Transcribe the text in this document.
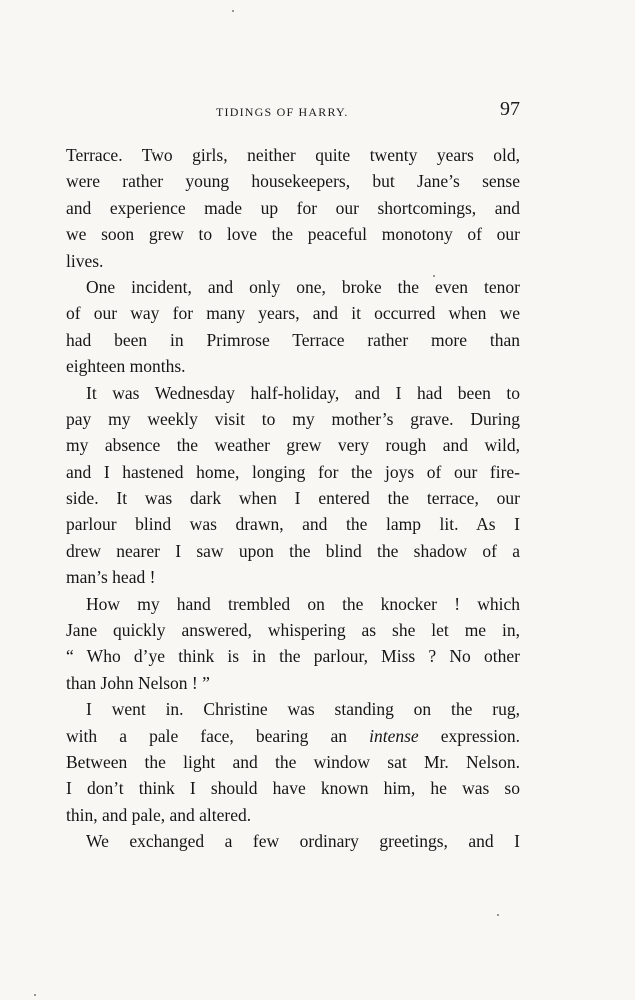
TIDINGS OF HARRY.	97
Terrace. Two girls, neither quite twenty years old,
were rather young housekeepers, but Jane’s sense
and experience made up for our shortcomings, and
we soon grew to love the peaceful monotony of our
lives.
One incident, and only one, broke the even tenor
of our way for many years, and it occurred when we
had been in Primrose Terrace rather more than
eighteen months.
It was Wednesday half-holiday, and I had been to
pay my weekly visit to my mother’s grave. During
my absence the weather grew very rough and wild,
and I hastened home, longing for the joys of our fire-
side. It was dark when I entered the terrace, our
parlour blind was drawn, and the lamp lit. As I
drew nearer I saw upon the blind the shadow of a
man’s head !
How my hand trembled on the knocker ! which
Jane quickly answered, whispering as she let me in,
“ Who d’ye think is in the parlour, Miss ? No other
than John Nelson ! ”
I went in. Christine was standing on the rug,
with a pale face, bearing an intense expression.
Between the light and the window sat Mr. Nelson.
I don’t think I should have known him, he was so
thin, and pale, and altered.
We exchanged a few ordinary greetings, and I
